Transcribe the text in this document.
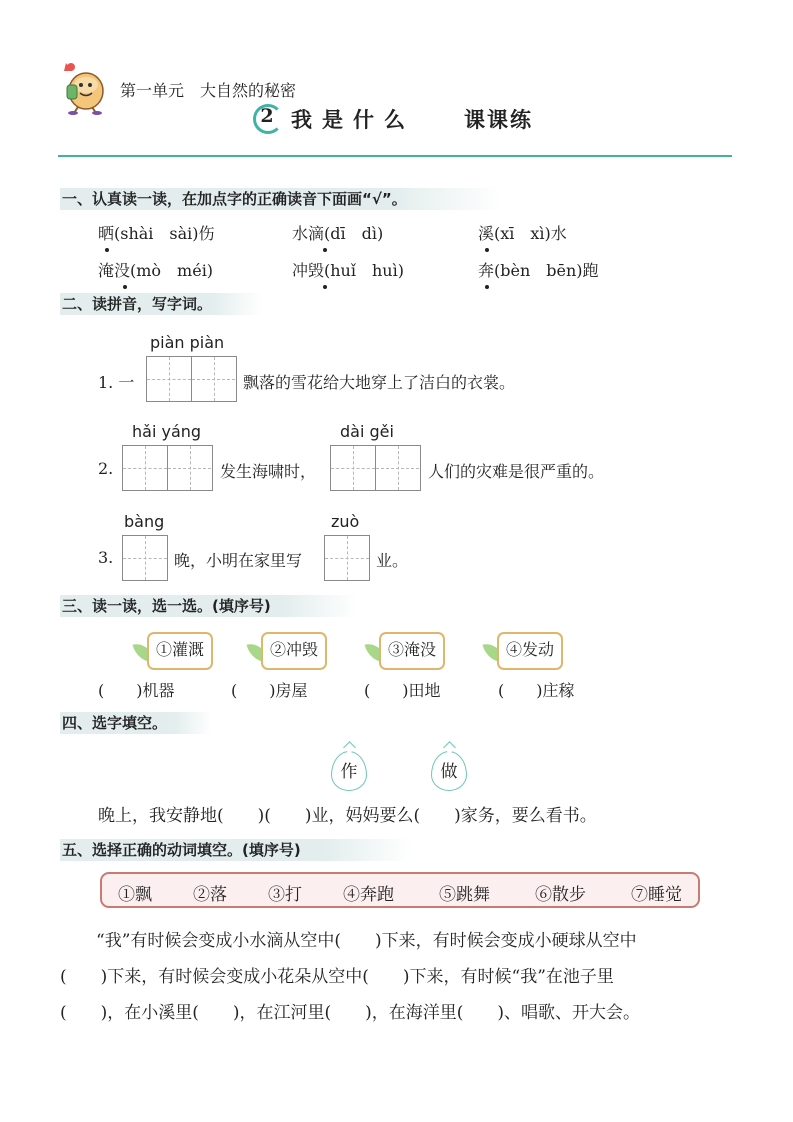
第一单元　大自然的秘密
2 我是什么 课课练
一、认真读一读，在加点字的正确读音下面画“√”。
晒(shài　sài)伤	水滴(dī　dì)	溪(xī　xì)水
淹没(mò　méi)	冲毁(huǐ　huì)	奔(bèn　bēn)跑
二、读拼音，写字词。
piàn piàn
1. 一	飘落的雪花给大地穿上了洁白的衣裳。
hǎi yáng
2.	发生海啸时，
dài gěi
人们的灾难是很严重的。
bàng
3.	晚，小明在家里写
zuò
业。
三、读一读，选一选。(填序号)
①灌溉	②冲毁	③淹没	④发动
(　　)机器	(　　)房屋	(　　)田地	(　　)庄稼
四、选字填空。
作	做
晚上，我安静地(　　)(　　)业，妈妈要么(　　)家务，要么看书。
五、选择正确的动词填空。(填序号)
①飘 ②落 ③打 ④奔跑	⑤跳舞	⑥散步	⑦睡觉
“我”有时候会变成小水滴从空中(　　)下来，有时候会变成小硬球从空中
(　　)下来，有时候会变成小花朵从空中(　　)下来，有时候“我”在池子里
(　　)，在小溪里(　　)，在江河里(　　)，在海洋里(　　)、唱歌、开大会。
